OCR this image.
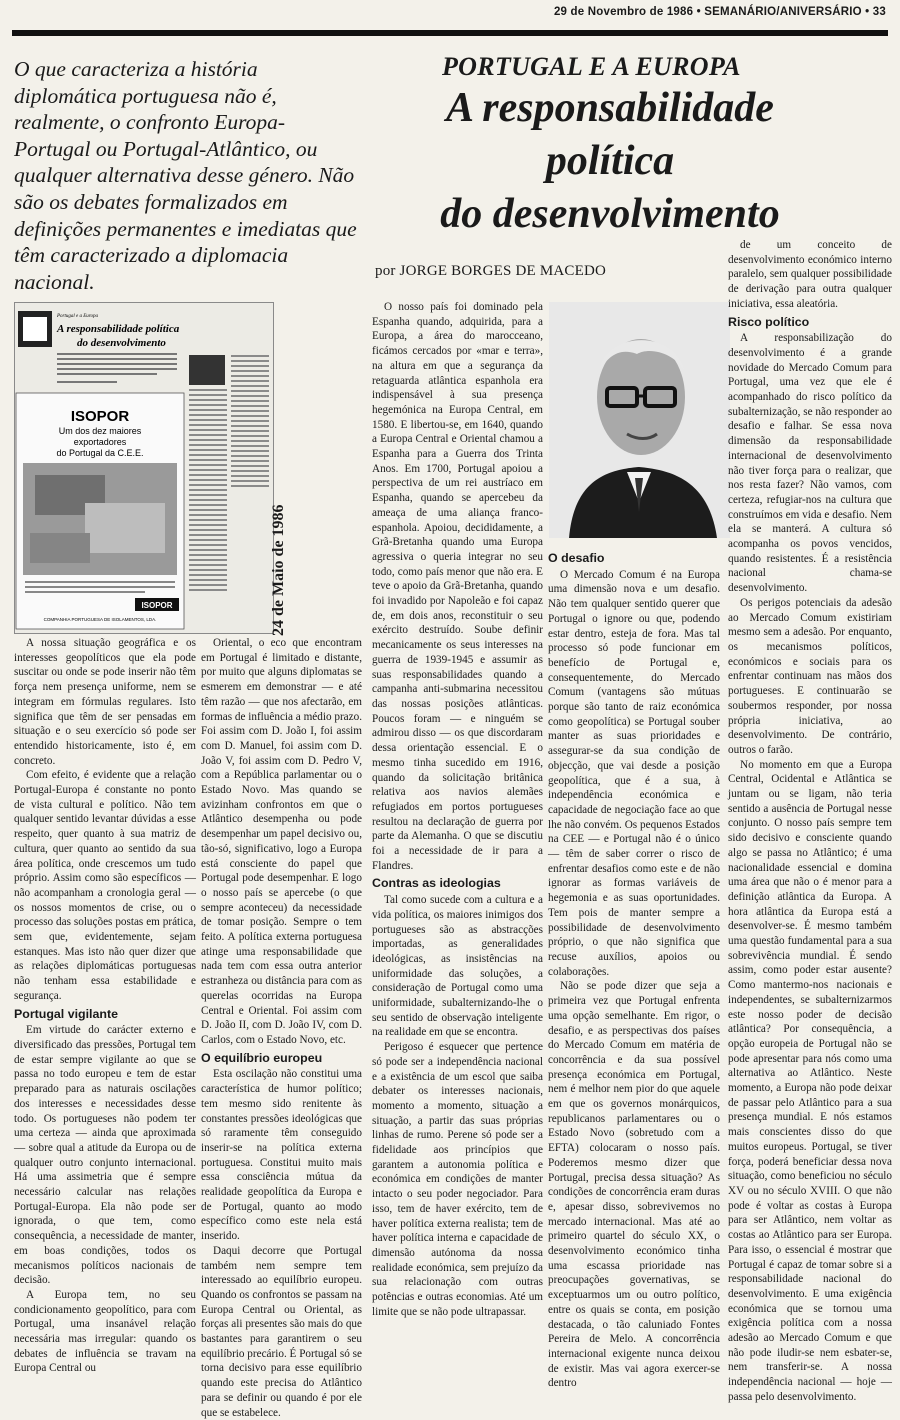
29 de Novembro de 1986 • SEMANÁRIO/ANIVERSÁRIO • 33

O que caracteriza a história diplomática portuguesa não é, realmente, o confronto Europa-Portugal ou Portugal-Atlântico, ou qualquer alternativa desse género. Não são os debates formalizados em definições permanentes e imediatas que têm caracterizado a diplomacia nacional.

PORTUGAL E A EUROPA
A responsabilidade
política
do desenvolvimento
por JORGE BORGES DE MACEDO
Portugal e a Europa
A responsabilidade política
do desenvolvimento
ISOPOR
Um dos dez maiores
exportadores
do Portugal da C.E.E.
ISOPOR
COMPANHIA PORTUGUESA DE ISOLAMENTOS, LDA.	24 de Maio de 1986

A nossa situação geográfica e os interesses geopolíticos que ela pode suscitar ou onde se pode inserir não têm força nem presença uniforme, nem se integram em fórmulas regulares. Isto significa que têm de ser pensadas em situação e o seu exercício só pode ser entendido historicamente, isto é, em concreto.

Com efeito, é evidente que a relação Portugal-Europa é constante no ponto de vista cultural e político. Não tem qualquer sentido levantar dúvidas a esse respeito, quer quanto à sua matriz de cultura, quer quanto ao sentido da sua área política, onde crescemos um tudo próprio. Assim como são específicos — não acompanham a cronologia geral — os nossos momentos de crise, ou o processo das soluções postas em prática, sem que, evidentemente, sejam estanques. Mas isto não quer dizer que as relações diplomáticas portuguesas não tenham essa estabilidade e segurança.

Portugal vigilante

Em virtude do carácter externo e diversificado das pressões, Portugal tem de estar sempre vigilante ao que se passa no todo europeu e tem de estar preparado para as naturais oscilações dos interesses e necessidades desse todo. Os portugueses não podem ter uma certeza — ainda que aproximada — sobre qual a atitude da Europa ou de qualquer outro conjunto internacional. Há uma assimetria que é sempre necessário calcular nas relações Portugal-Europa. Ela não pode ser ignorada, o que tem, como consequência, a necessidade de manter, em boas condições, todos os mecanismos políticos nacionais de decisão.

A Europa tem, no seu condicionamento geopolítico, para com Portugal, uma insanável relação necessária mas irregular: quando os debates de influência se travam na Europa Central ou

Oriental, o eco que encontram em Portugal é limitado e distante, por muito que alguns diplomatas se esmerem em demonstrar — e até têm razão — que nos afectarão, em formas de influência a médio prazo. Foi assim com D. João I, foi assim com D. Manuel, foi assim com D. João V, foi assim com D. Pedro V, com a República parlamentar ou o Estado Novo. Mas quando se avizinham confrontos em que o Atlântico desempenha ou pode desempenhar um papel decisivo ou, tão-só, significativo, logo a Europa está consciente do papel que Portugal pode desempenhar. E logo o nosso país se apercebe (o que sempre aconteceu) da necessidade de tomar posição. Sempre o tem feito. A política externa portuguesa atinge uma responsabilidade que nada tem com essa outra anterior estranheza ou distância para com as querelas ocorridas na Europa Central e Oriental. Foi assim com D. João II, com D. João IV, com D. Carlos, com o Estado Novo, etc.

O equilíbrio europeu

Esta oscilação não constitui uma característica de humor político; tem mesmo sido renitente às constantes pressões ideológicas que só raramente têm conseguido inserir-se na política externa portuguesa. Constitui muito mais essa consciência mútua da realidade geopolítica da Europa e de Portugal, quanto ao modo específico como este nela está inserido.

Daqui decorre que Portugal também nem sempre tem interessado ao equilíbrio europeu. Quando os confrontos se passam na Europa Central ou Oriental, as forças ali presentes são mais do que bastantes para garantirem o seu equilíbrio precário. É Portugal só se torna decisivo para esse equilíbrio quando este precisa do Atlântico para se definir ou quando é por ele que se estabelece.

O nosso país foi dominado pela Espanha quando, adquirida, para a Europa, a área do marocceano, ficámos cercados por «mar e terra», na altura em que a segurança da retaguarda atlântica espanhola era indispensável à sua presença hegemónica na Europa Central, em 1580. E libertou-se, em 1640, quando a Europa Central e Oriental chamou a Espanha para a Guerra dos Trinta Anos. Em 1700, Portugal apoiou a perspectiva de um rei austríaco em Espanha, quando se apercebeu da ameaça de uma aliança franco-espanhola. Apoiou, decididamente, a Grã-Bretanha quando uma Europa agressiva o queria integrar no seu todo, como país menor que não era. E teve o apoio da Grã-Bretanha, quando foi invadido por Napoleão e foi capaz de, em dois anos, reconstituir o seu exército destruído. Soube definir mecanicamente os seus interesses na guerra de 1939-1945 e assumir as suas responsabilidades quando a campanha anti-submarina necessitou das nossas posições atlânticas. Poucos foram — e ninguém se admirou disso — os que discordaram dessa orientação essencial. E o mesmo tinha sucedido em 1916, quando da solicitação britânica relativa aos navios alemães refugiados em portos portugueses resultou na declaração de guerra por parte da Alemanha. O que se discutiu foi a necessidade de ir para a Flandres.

Contras as ideologias

Tal como sucede com a cultura e a vida política, os maiores inimigos dos portugueses são as abstracções importadas, as generalidades ideológicas, as insistências na uniformidade das soluções, a consideração de Portugal como uma uniformidade, subalternizando-lhe o seu sentido de observação inteligente na realidade em que se encontra.

Perigoso é esquecer que pertence só pode ser a independência nacional e a existência de um escol que saiba debater os interesses nacionais, momento a momento, situação a situação, a partir das suas próprias linhas de rumo. Perene só pode ser a fidelidade aos princípios que garantem a autonomia política e económica em condições de manter intacto o seu poder negociador. Para isso, tem de haver exército, tem de haver política externa realista; tem de haver política interna e capacidade de dimensão autónoma da nossa realidade económica, sem prejuízo da sua relacionação com outras potências e outras economias. Até um limite que se não pode ultrapassar.

O desafio

O Mercado Comum é na Europa uma dimensão nova e um desafio. Não tem qualquer sentido querer que Portugal o ignore ou que, podendo estar dentro, esteja de fora. Mas tal processo só pode funcionar em benefício de Portugal e, consequentemente, do Mercado Comum (vantagens são mútuas porque são tanto de raiz económica como geopolítica) se Portugal souber manter as suas prioridades e assegurar-se da sua condição de objecção, que vai desde a posição geopolítica, que é a sua, à independência económica e capacidade de negociação face ao que lhe não convém. Os pequenos Estados na CEE — e Portugal não é o único — têm de saber correr o risco de enfrentar desafios como este e de não ignorar as formas variáveis de hegemonia e as suas oportunidades. Tem pois de manter sempre a possibilidade de desenvolvimento próprio, o que não significa que recuse auxílios, apoios ou colaborações.

Não se pode dizer que seja a primeira vez que Portugal enfrenta uma opção semelhante. Em rigor, o desafio, e as perspectivas dos países do Mercado Comum em matéria de concorrência e da sua possível presença económica em Portugal, nem é melhor nem pior do que aquele em que os governos monárquicos, republicanos parlamentares ou o Estado Novo (sobretudo com a EFTA) colocaram o nosso país. Poderemos mesmo dizer que Portugal, precisa dessa situação? As condições de concorrência eram duras e, apesar disso, sobrevivemos no mercado internacional. Mas até ao primeiro quartel do século XX, o desenvolvimento económico tinha uma escassa prioridade nas preocupações governativas, se exceptuarmos um ou outro político, entre os quais se conta, em posição destacada, o tão caluniado Fontes Pereira de Melo. A concorrência internacional exigente nunca deixou de existir. Mas vai agora exercer-se dentro

de um conceito de desenvolvimento económico interno paralelo, sem qualquer possibilidade de derivação para outra qualquer iniciativa, essa aleatória.

Risco político

A responsabilização do desenvolvimento é a grande novidade do Mercado Comum para Portugal, uma vez que ele é acompanhado do risco político da subalternização, se não responder ao desafio e falhar. Se essa nova dimensão da responsabilidade internacional de desenvolvimento não tiver força para o realizar, que nos resta fazer? Não vamos, com certeza, refugiar-nos na cultura que construímos em vida e desafio. Nem ela se manterá. A cultura só acompanha os povos vencidos, quando resistentes. É a resistência nacional chama-se desenvolvimento.

Os perigos potenciais da adesão ao Mercado Comum existiriam mesmo sem a adesão. Por enquanto, os mecanismos políticos, económicos e sociais para os enfrentar continuam nas mãos dos portugueses. E continuarão se soubermos responder, por nossa própria iniciativa, ao desenvolvimento. De contrário, outros o farão.

No momento em que a Europa Central, Ocidental e Atlântica se juntam ou se ligam, não teria sentido a ausência de Portugal nesse conjunto. O nosso país sempre tem sido decisivo e consciente quando algo se passa no Atlântico; é uma nacionalidade essencial e domina uma área que não o é menor para a definição atlântica da Europa. A hora atlântica da Europa está a desenvolver-se. É mesmo também uma questão fundamental para a sua sobrevivência mundial. É sendo assim, como poder estar ausente? Como mantermo-nos nacionais e independentes, se subalternizarmos este nosso poder de decisão atlântica? Por consequência, a opção europeia de Portugal não se pode apresentar para nós como uma alternativa ao Atlântico. Neste momento, a Europa não pode deixar de passar pelo Atlântico para a sua presença mundial. E nós estamos mais conscientes disso do que muitos europeus. Portugal, se tiver força, poderá beneficiar dessa nova situação, como beneficiou no século XV ou no século XVIII. O que não pode é voltar as costas à Europa para ser Atlântico, nem voltar as costas ao Atlântico para ser Europa. Para isso, o essencial é mostrar que Portugal é capaz de tomar sobre si a responsabilidade nacional do desenvolvimento. E uma exigência económica que se tornou uma exigência política com a nossa adesão ao Mercado Comum e que não pode iludir-se nem esbater-se, nem transferir-se. A nossa independência nacional — hoje — passa pelo desenvolvimento.
